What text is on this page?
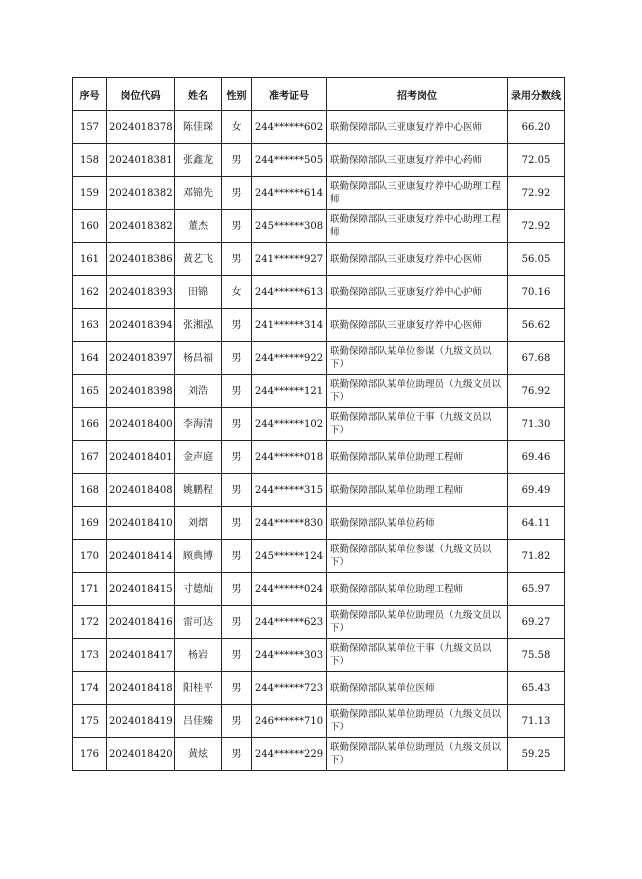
序号	岗位代码	姓名	性别	准考证号	招考岗位	录用分数线
157	2024018378	陈佳琛	女	244******602	联勤保障部队三亚康复疗养中心医师	66.20
158	2024018381	张鑫龙	男	244******505	联勤保障部队三亚康复疗养中心药师	72.05
159	2024018382	邓锦先	男	244******614	联勤保障部队三亚康复疗养中心助理工程师	72.92
160	2024018382	董杰	男	245******308	联勤保障部队三亚康复疗养中心助理工程师	72.92
161	2024018386	黄艺飞	男	241******927	联勤保障部队三亚康复疗养中心医师	56.05
162	2024018393	田锦	女	244******613	联勤保障部队三亚康复疗养中心护师	70.16
163	2024018394	张湘泓	男	241******314	联勤保障部队三亚康复疗养中心医师	56.62
164	2024018397	杨昌福	男	244******922	联勤保障部队某单位参谋（九级文员以下）	67.68
165	2024018398	刘浩	男	244******121	联勤保障部队某单位助理员（九级文员以下）	76.92
166	2024018400	李海清	男	244******102	联勤保障部队某单位干事（九级文员以下）	71.30
167	2024018401	金声庭	男	244******018	联勤保障部队某单位助理工程师	69.46
168	2024018408	姚鹏程	男	244******315	联勤保障部队某单位助理工程师	69.49
169	2024018410	刘熠	男	244******830	联勤保障部队某单位药师	64.11
170	2024018414	顾典博	男	245******124	联勤保障部队某单位参谋（九级文员以下）	71.82
171	2024018415	寸德灿	男	244******024	联勤保障部队某单位助理工程师	65.97
172	2024018416	雷可达	男	244******623	联勤保障部队某单位助理员（九级文员以下）	69.27
173	2024018417	杨岩	男	244******303	联勤保障部队某单位干事（九级文员以下）	75.58
174	2024018418	阳桂平	男	244******723	联勤保障部队某单位医师	65.43
175	2024018419	吕佳臻	男	246******710	联勤保障部队某单位助理员（九级文员以下）	71.13
176	2024018420	黄炫	男	244******229	联勤保障部队某单位助理员（九级文员以下）	59.25
